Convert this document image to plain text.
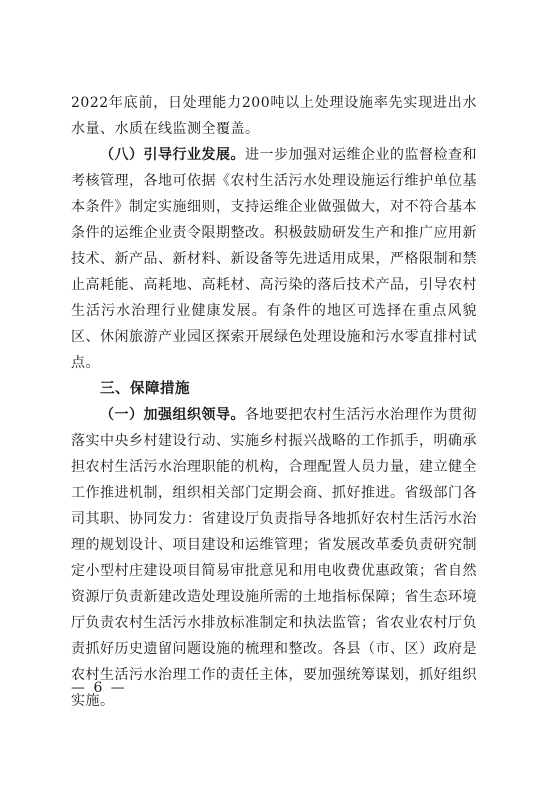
2022年底前，日处理能力200吨以上处理设施率先实现进出水水量、水质在线监测全覆盖。

（八）引导行业发展。进一步加强对运维企业的监督检查和考核管理，各地可依据《农村生活污水处理设施运行维护单位基本条件》制定实施细则，支持运维企业做强做大，对不符合基本条件的运维企业责令限期整改。积极鼓励研发生产和推广应用新技术、新产品、新材料、新设备等先进适用成果，严格限制和禁止高耗能、高耗地、高耗材、高污染的落后技术产品，引导农村生活污水治理行业健康发展。有条件的地区可选择在重点风貌区、休闲旅游产业园区探索开展绿色处理设施和污水零直排村试点。

三、保障措施

（一）加强组织领导。各地要把农村生活污水治理作为贯彻落实中央乡村建设行动、实施乡村振兴战略的工作抓手，明确承担农村生活污水治理职能的机构，合理配置人员力量，建立健全工作推进机制，组织相关部门定期会商、抓好推进。省级部门各司其职、协同发力：省建设厅负责指导各地抓好农村生活污水治理的规划设计、项目建设和运维管理；省发展改革委负责研究制定小型村庄建设项目简易审批意见和用电收费优惠政策；省自然资源厅负责新建改造处理设施所需的土地指标保障；省生态环境厅负责农村生活污水排放标准制定和执法监管；省农业农村厅负责抓好历史遗留问题设施的梳理和整改。各县（市、区）政府是农村生活污水治理工作的责任主体，要加强统筹谋划，抓好组织实施。

— 6 —
